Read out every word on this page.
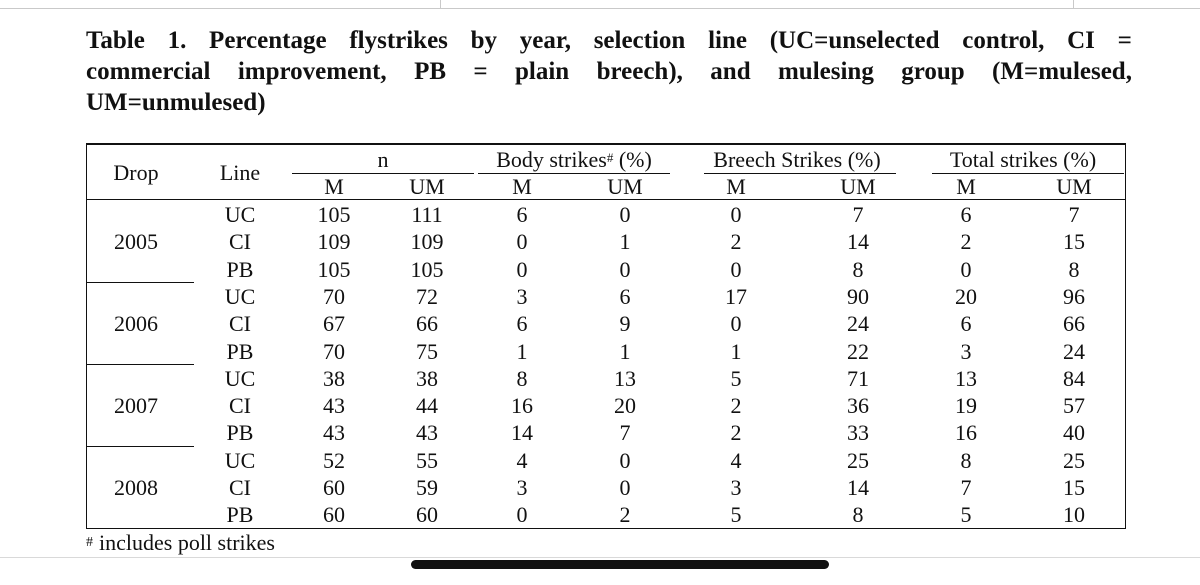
Table 1. Percentage flystrikes by year, selection line (UC=unselected control, CI =
commercial improvement, PB = plain breech), and mulesing group (M=mulesed,
UM=unmulesed)
Drop	Line
n	Body strikes# (%)	Breech Strikes (%)	Total strikes (%)
M	UM	M	UM	M	UM	M	UM
2005
UC	105	111	6	0	0	7	6	7
CI	109	109	0	1	2	14	2	15
PB	105	105	0	0	0	8	0	8
2006
UC	70	72	3	6	17	90	20	96
CI	67	66	6	9	0	24	6	66
PB	70	75	1	1	1	22	3	24
2007
UC	38	38	8	13	5	71	13	84
CI	43	44	16	20	2	36	19	57
PB	43	43	14	7	2	33	16	40
2008
UC	52	55	4	0	4	25	8	25
CI	60	59	3	0	3	14	7	15
PB	60	60	0	2	5	8	5	10
# includes poll strikes
